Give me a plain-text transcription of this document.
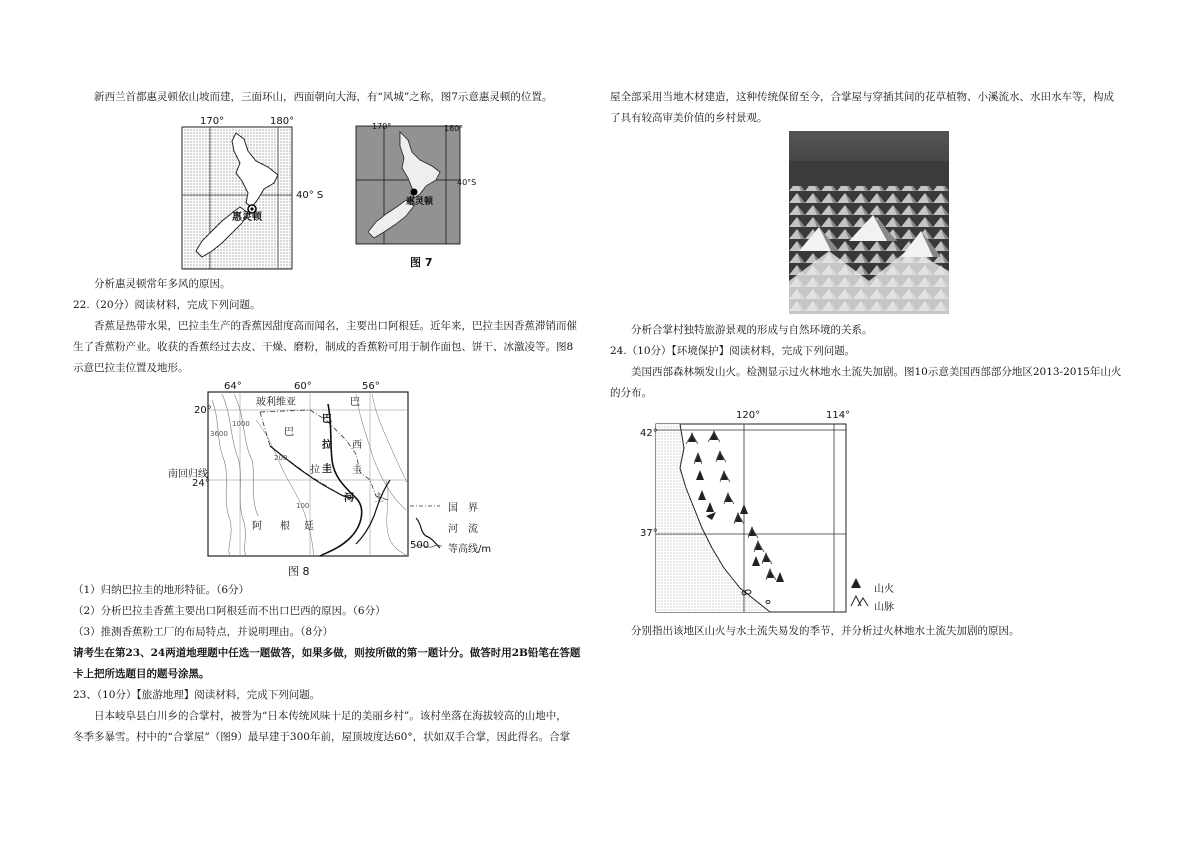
新西兰首都惠灵顿依山坡而建，三面环山，西面朝向大海，有“风城”之称，图7示意惠灵顿的位置。

170°	180°
40° S
惠灵顿
170°	180°
40°S
惠灵顿
图 7

分析惠灵顿常年多风的原因。

22.（20分）阅读材料，完成下列问题。

香蕉是热带水果，巴拉圭生产的香蕉因甜度高而闻名，主要出口阿根廷。近年来，巴拉圭因香蕉滞销而催

生了香蕉粉产业。收获的香蕉经过去皮、干燥、磨粉，制成的香蕉粉可用于制作面包、饼干、冰激凌等。图8

示意巴拉圭位置及地形。

64°	60°	56°
20°
南回归线
24°
玻利维亚	巴
西
巴
拉	圭
巴
拉
圭
河 主
阿 根 廷
3600
1000
200
100	国　界
河　流
500 等高线/m
图 8

（1）归纳巴拉圭的地形特征。（6分）

（2）分析巴拉圭香蕉主要出口阿根廷而不出口巴西的原因。（6分）

（3）推测香蕉粉工厂的布局特点，并说明理由。（8分）

请考生在第23、24两道地理题中任选一题做答，如果多做，则按所做的第一题计分。做答时用2B铅笔在答题

卡上把所选题目的题号涂黑。

23、（10分）【旅游地理】阅读材料，完成下列问题。

日本岐阜县白川乡的合掌村，被誉为“日本传统风味十足的美丽乡村”。该村坐落在海拔较高的山地中，

冬季多暴雪。村中的“合掌屋”（图9）最早建于300年前，屋顶坡度达60°，状如双手合掌，因此得名。合掌

屋全部采用当地木材建造，这种传统保留至今，合掌屋与穿插其间的花草植物、小溪流水、水田水车等，构成

了具有较高审美价值的乡村景观。

分析合掌村独特旅游景观的形成与自然环境的关系。

24.（10分）【环境保护】阅读材料，完成下列问题。

美国西部森林频发山火。检测显示过火林地水土流失加剧。图10示意美国西部部分地区2013-2015年山火

的分布。

120°	114°
42°
37°
山火
山脉

分别指出该地区山火与水土流失易发的季节，并分析过火林地水土流失加剧的原因。
